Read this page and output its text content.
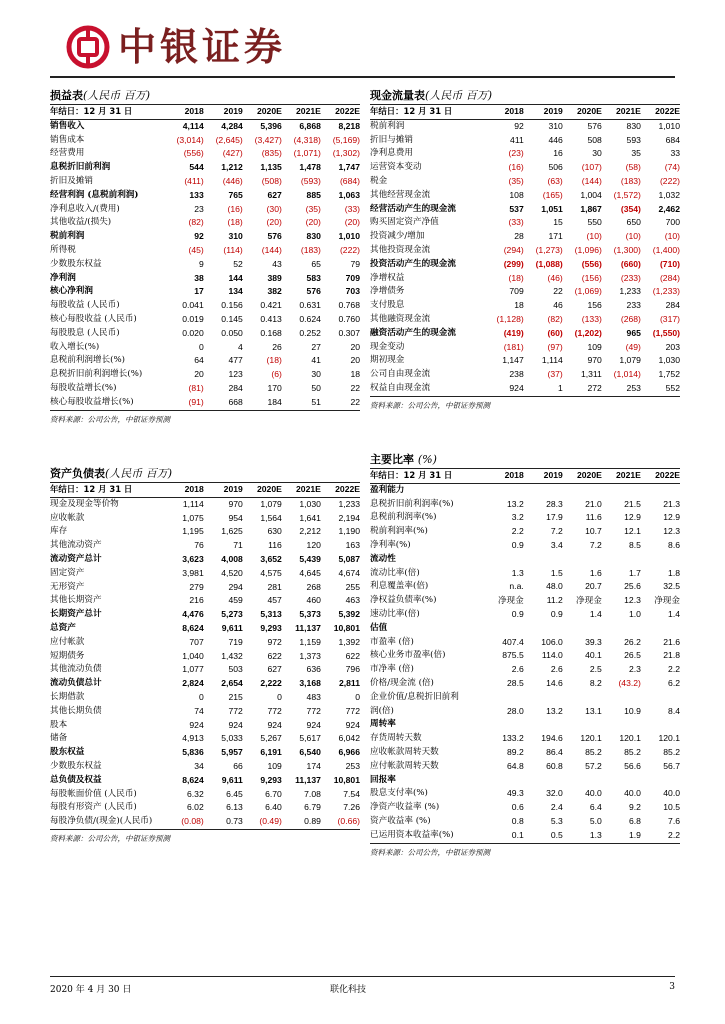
中银证券
损益表(人民币 百万)
年结日：12 月 31 日	2018	2019	2020E	2021E	2022E
销售收入	4,114	4,284	5,396	6,868	8,218
销售成本	(3,014)	(2,645)	(3,427)	(4,318)	(5,169)
经营费用	(556)	(427)	(835)	(1,071)	(1,302)
息税折旧前利润	544	1,212	1,135	1,478	1,747
折旧及摊销	(411)	(446)	(508)	(593)	(684)
经营利润 (息税前利润)	133	765	627	885	1,063
净利息收入/(费用)	23	(16)	(30)	(35)	(33)
其他收益/(损失)	(82)	(18)	(20)	(20)	(20)
税前利润	92	310	576	830	1,010
所得税	(45)	(114)	(144)	(183)	(222)
少数股东权益	9	52	43	65	79
净利润	38	144	389	583	709
核心净利润	17	134	382	576	703
每股收益 (人民币)	0.041	0.156	0.421	0.631	0.768
核心每股收益 (人民币)	0.019	0.145	0.413	0.624	0.760
每股股息 (人民币)	0.020	0.050	0.168	0.252	0.307
收入增长(%)	0	4	26	27	20
息税前利润增长(%)	64	477	(18)	41	20
息税折旧前利润增长(%)	20	123	(6)	30	18
每股收益增长(%)	(81)	284	170	50	22
核心每股收益增长(%)	(91)	668	184	51	22
资料来源：公司公告，中银证券预测
现金流量表(人民币 百万)
年结日：12 月 31 日	2018	2019	2020E	2021E	2022E
税前利润	92	310	576	830	1,010
折旧与摊销	411	446	508	593	684
净利息费用	(23)	16	30	35	33
运营资本变动	(16)	506	(107)	(58)	(74)
税金	(35)	(63)	(144)	(183)	(222)
其他经营现金流	108	(165)	1,004	(1,572)	1,032
经营活动产生的现金流	537	1,051	1,867	(354)	2,462
购买固定资产净值	(33)	15	550	650	700
投资减少/增加	28	171	(10)	(10)	(10)
其他投资现金流	(294)	(1,273)	(1,096)	(1,300)	(1,400)
投资活动产生的现金流	(299)	(1,088)	(556)	(660)	(710)
净增权益	(18)	(46)	(156)	(233)	(284)
净增债务	709	22	(1,069)	1,233	(1,233)
支付股息	18	46	156	233	284
其他融资现金流	(1,128)	(82)	(133)	(268)	(317)
融资活动产生的现金流	(419)	(60)	(1,202)	965	(1,550)
现金变动	(181)	(97)	109	(49)	203
期初现金	1,147	1,114	970	1,079	1,030
公司自由现金流	238	(37)	1,311	(1,014)	1,752
权益自由现金流	924	1	272	253	552
资料来源：公司公告，中银证券预测
资产负债表(人民币 百万)
年结日：12 月 31 日	2018	2019	2020E	2021E	2022E
现金及现金等价物	1,114	970	1,079	1,030	1,233
应收帐款	1,075	954	1,564	1,641	2,194
库存	1,195	1,625	630	2,212	1,190
其他流动资产	76	71	116	120	163
流动资产总计	3,623	4,008	3,652	5,439	5,087
固定资产	3,981	4,520	4,575	4,645	4,674
无形资产	279	294	281	268	255
其他长期资产	216	459	457	460	463
长期资产总计	4,476	5,273	5,313	5,373	5,392
总资产	8,624	9,611	9,293	11,137	10,801
应付帐款	707	719	972	1,159	1,392
短期债务	1,040	1,432	622	1,373	622
其他流动负债	1,077	503	627	636	796
流动负债总计	2,824	2,654	2,222	3,168	2,811
长期借款	0	215	0	483	0
其他长期负债	74	772	772	772	772
股本	924	924	924	924	924
储备	4,913	5,033	5,267	5,617	6,042
股东权益	5,836	5,957	6,191	6,540	6,966
少数股东权益	34	66	109	174	253
总负债及权益	8,624	9,611	9,293	11,137	10,801
每股帐面价值 (人民币)	6.32	6.45	6.70	7.08	7.54
每股有形资产 (人民币)	6.02	6.13	6.40	6.79	7.26
每股净负债/(现金)(人民币)	(0.08)	0.73	(0.49)	0.89	(0.66)
资料来源：公司公告，中银证券预测
主要比率 (%)
年结日：12 月 31 日	2018	2019	2020E	2021E	2022E
盈利能力					
息税折旧前利润率(%)	13.2	28.3	21.0	21.5	21.3
息税前利润率(%)	3.2	17.9	11.6	12.9	12.9
税前利润率(%)	2.2	7.2	10.7	12.1	12.3
净利率(%)	0.9	3.4	7.2	8.5	8.6
流动性					
流动比率(倍)	1.3	1.5	1.6	1.7	1.8
利息覆盖率(倍)	n.a.	48.0	20.7	25.6	32.5
净权益负债率(%)	净现金	11.2	净现金	12.3	净现金
速动比率(倍)	0.9	0.9	1.4	1.0	1.4
估值					
市盈率 (倍)	407.4	106.0	39.3	26.2	21.6
核心业务市盈率(倍)	875.5	114.0	40.1	26.5	21.8
市净率 (倍)	2.6	2.6	2.5	2.3	2.2
价格/现金流 (倍)	28.5	14.6	8.2	(43.2)	6.2
企业价值/息税折旧前利					
润(倍)	28.0	13.2	13.1	10.9	8.4
周转率					
存货周转天数	133.2	194.6	120.1	120.1	120.1
应收帐款周转天数	89.2	86.4	85.2	85.2	85.2
应付帐款周转天数	64.8	60.8	57.2	56.6	56.7
回报率					
股息支付率(%)	49.3	32.0	40.0	40.0	40.0
净资产收益率 (%)	0.6	2.4	6.4	9.2	10.5
资产收益率 (%)	0.8	5.3	5.0	6.8	7.6
已运用资本收益率(%)	0.1	0.5	1.3	1.9	2.2
资料来源：公司公告，中银证券预测
2020 年 4 月 30 日	联化科技	3
